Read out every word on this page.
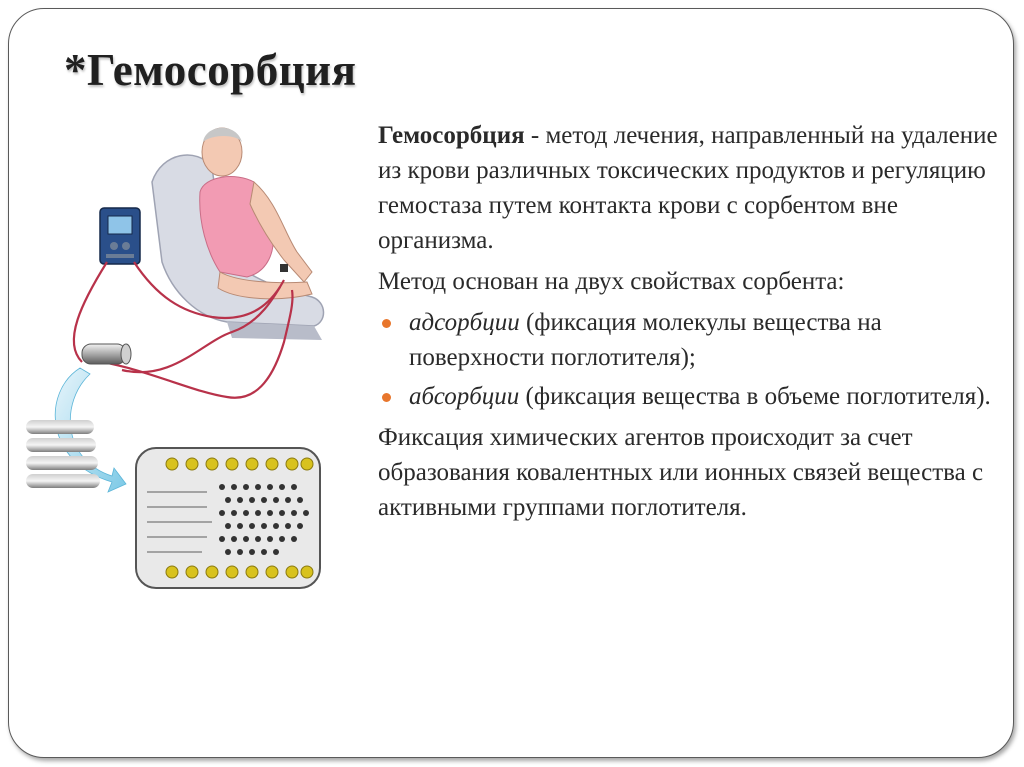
*Гемосорбция

Гемосорбция - метод лечения, направленный на удаление из крови различных токсических продуктов и регуляцию гемостаза путем контакта крови с сорбентом вне организма.

Метод основан на двух свойствах сорбента:

адсорбции (фиксация молекулы вещества на поверхности поглотителя);
абсорбции (фиксация вещества в объеме поглотителя).

Фиксация химических агентов происходит за счет образования ковалентных или ионных связей вещества с активными группами поглотителя.
